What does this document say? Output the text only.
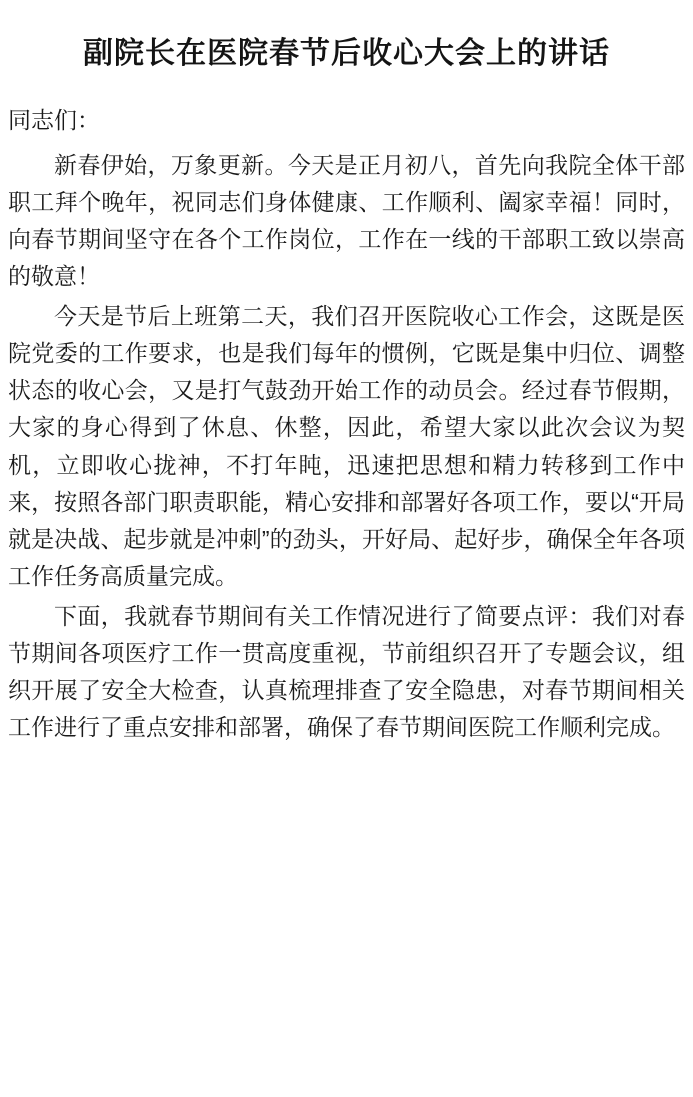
副院长在医院春节后收心大会上的讲话

同志们：

新春伊始，万象更新。今天是正月初八，首先向我院全体干部职工拜个晚年，祝同志们身体健康、工作顺利、阖家幸福！同时，向春节期间坚守在各个工作岗位，工作在一线的干部职工致以崇高的敬意！

今天是节后上班第二天，我们召开医院收心工作会，这既是医院党委的工作要求，也是我们每年的惯例，它既是集中归位、调整状态的收心会，又是打气鼓劲开始工作的动员会。经过春节假期，大家的身心得到了休息、休整，因此，希望大家以此次会议为契机，立即收心拢神，不打年盹，迅速把思想和精力转移到工作中来，按照各部门职责职能，精心安排和部署好各项工作，要以“开局就是决战、起步就是冲刺”的劲头，开好局、起好步，确保全年各项工作任务高质量完成。

下面，我就春节期间有关工作情况进行了简要点评：我们对春节期间各项医疗工作一贯高度重视，节前组织召开了专题会议，组织开展了安全大检查，认真梳理排查了安全隐患，对春节期间相关工作进行了重点安排和部署，确保了春节期间医院工作顺利完成。
